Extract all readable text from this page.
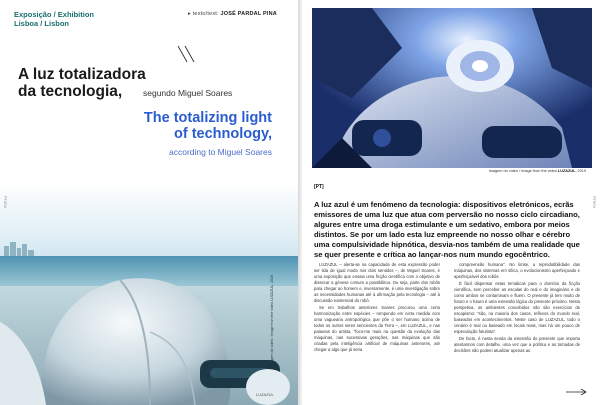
Exposição / Exhibition
Lisboa / Lisbon
▸ texto/text: JOSÉ PARDAL PINA
A luz totalizadora
da tecnologia,	segundo Miguel Soares
The totalizing light
of technology,
according to Miguel Soares
PT/EN
Imagem do vídeo / Image from the video LUZAZUL, 2019
LUZAZUL
Imagem do vídeo / Image from the video LUZAZUL, 2019
[PT]
PT/EN
A luz azul é um fenómeno da tecnologia: dispositivos eletrónicos, ecrãs emissores de uma luz que atua com perversão no nosso ciclo circadiano, algures entre uma droga estimulante e um sedativo, embora por meios distintos. Se por um lado esta luz empreende no nosso olhar e cérebro uma compulsividade hipnótica, desvia-nos também de uma realidade que se quer presente e crítica ao lançar-nos num mundo egocêntrico.

LUZAZUL – alerta-se na capacidade de esta expressão poder ser lida de igual modo nos dois sentidos –, de Miguel Soares, é uma exposição que ensaia uma ficção científica com o objetivo de dissecar a génese comum a possibilitou. Ou seja, parte dos robôs para chegar ao homem e, inversamente, é uma investigação sobre as necessidades humanas até à afirmação pela tecnologia – até à discussão existencial do robô.

Se em trabalhos anteriores Soares procurou uma certa harmonização entre espécies – rompendo em certa medida com uma vaguearia antropológica que põe o ser humano acima de todos os outros seres sencientes da Terra –, em LUZAZUL, e nas palavras do artista, "foco-me mais na questão da evolução das máquinas, nas sucessivas gerações, nas máquinas que são criadas pela inteligência artificial de máquinas anteriores, até chegar a algo que já seria

compreensão humana". No limite, a reprodutibilidade das máquinas, dos sistemas em sílica, o evolucionismo aperfeiçoado e aperfeiçoável dos robôs.

É fácil dispensar estas temáticas para o domínio da ficção científica, sem perceber as escalas do real e do imaginário e de como ambos se contaminam e fluem. O presente já tem muito de futuro e o futuro é uma extensão lógica do presente próximo. Nesta perspetiva, os ambientes concebidos não são exercícios de escapismo: "são, na maioria dos casos, reflexos do mundo real, baseados em acontecimentos. Neste caso de LUZAZUL, todo o cenário é real ou baseado em locais reais, mas há um pouco de especulação futurista".

De facto, é nesta senda da extensão do presente que importa atentarmos com detalhe, uma vez que a política e as tomadas de decisões não podem atualizar apenas ao
